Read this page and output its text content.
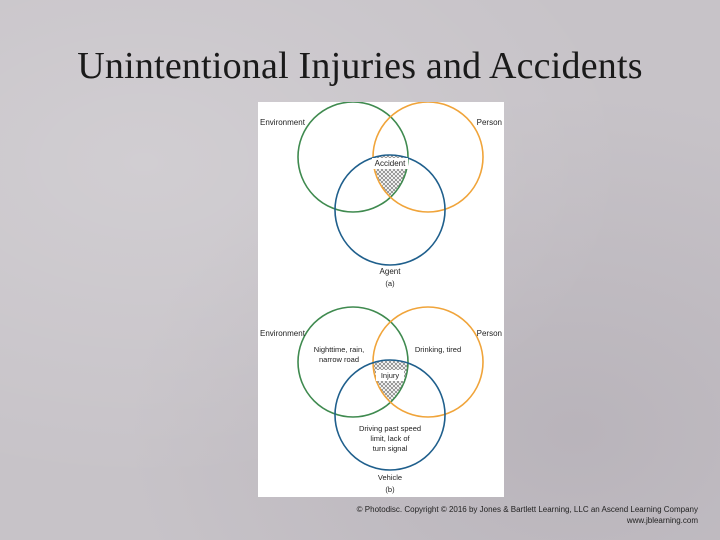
Unintentional Injuries and Accidents
Environment	Person
Accident
Agent
(a)
Environment	Person
Nighttime, rain,
narrow road
Drinking, tired
Injury
Driving past speed
limit, lack of
turn signal
Vehicle
(b)
© Photodisc. Copyright © 2016 by Jones & Bartlett Learning, LLC an Ascend Learning Company
www.jblearning.com
